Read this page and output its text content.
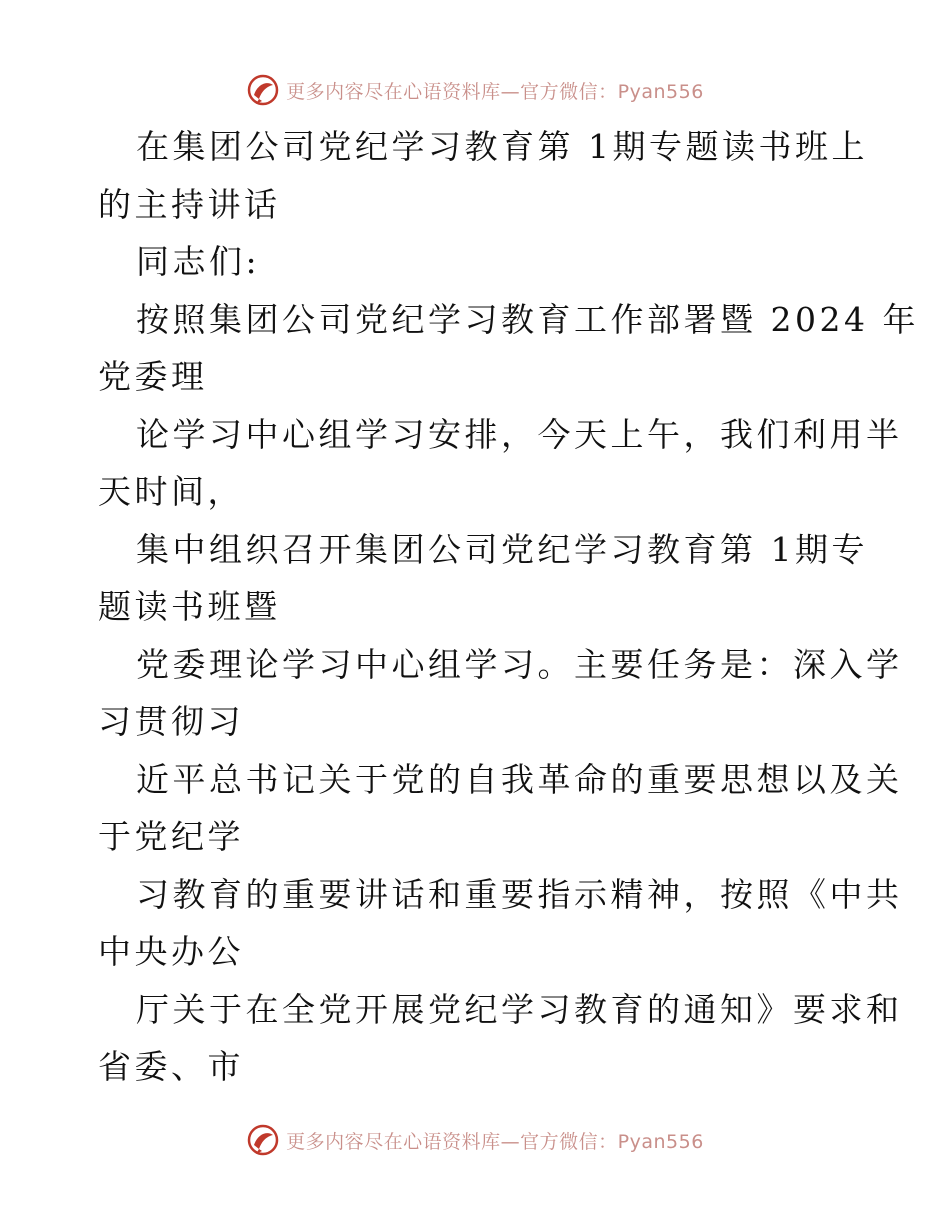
更多内容尽在心语资料库—官方微信：Pyan556
在集团公司党纪学习教育第 1期专题读书班上
的主持讲话
同志们:
按照集团公司党纪学习教育工作部署暨 2024 年
党委理
论学习中心组学习安排，今天上午，我们利用半
天时间，
集中组织召开集团公司党纪学习教育第 1期专
题读书班暨
党委理论学习中心组学习。主要任务是：深入学
习贯彻习
近平总书记关于党的自我革命的重要思想以及关
于党纪学
习教育的重要讲话和重要指示精神，按照《中共
中央办公
厅关于在全党开展党纪学习教育的通知》要求和
省委、市
更多内容尽在心语资料库—官方微信：Pyan556
